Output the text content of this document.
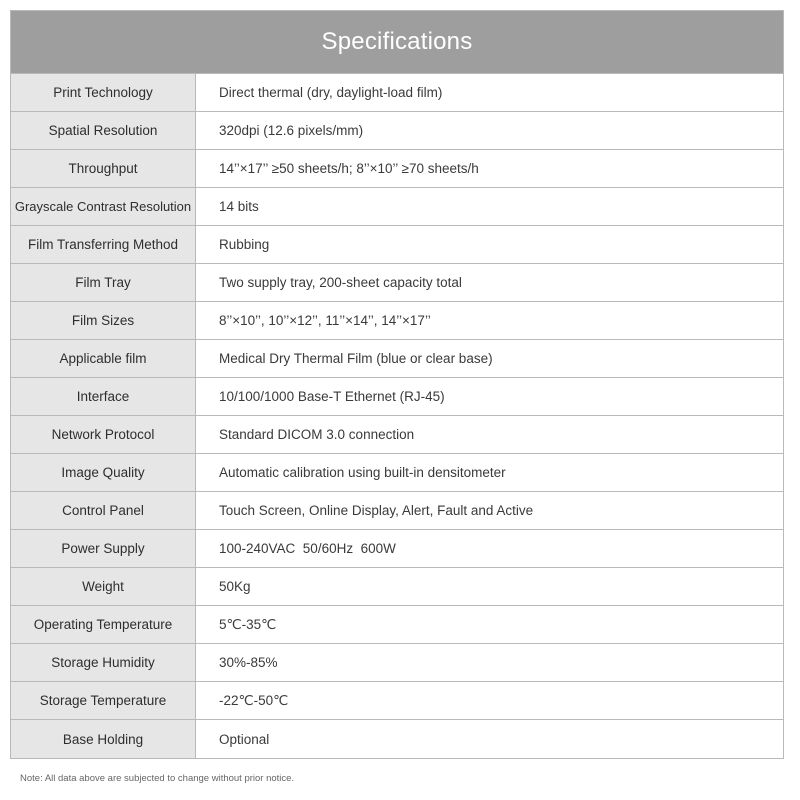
Specifications
Print Technology	Direct thermal (dry, daylight-load film)
Spatial Resolution	320dpi (12.6 pixels/mm)
Throughput	14’’×17’’ ≥50 sheets/h; 8’’×10’’ ≥70 sheets/h
Grayscale Contrast Resolution	14 bits
Film Transferring Method	Rubbing
Film Tray	Two supply tray, 200-sheet capacity total
Film Sizes	8’’×10’’, 10’’×12’’, 11’’×14’’, 14’’×17’’
Applicable film	Medical Dry Thermal Film (blue or clear base)
Interface	10/100/1000 Base-T Ethernet (RJ-45)
Network Protocol	Standard DICOM 3.0 connection
Image Quality	Automatic calibration using built-in densitometer
Control Panel	Touch Screen, Online Display, Alert, Fault and Active
Power Supply	100-240VAC  50/60Hz  600W
Weight	50Kg
Operating Temperature	5℃-35℃
Storage Humidity	30%-85%
Storage Temperature	-22℃-50℃
Base Holding	Optional
Note: All data above are subjected to change without prior notice.
